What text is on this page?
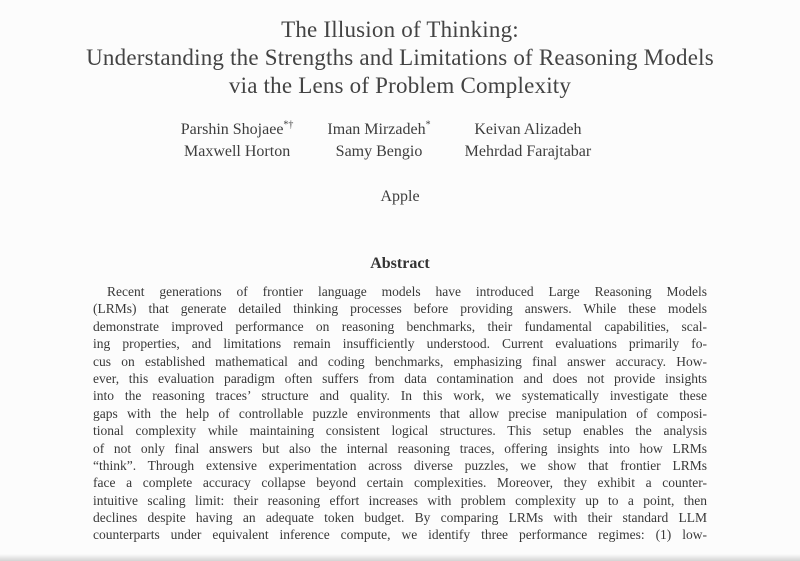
The Illusion of Thinking:
Understanding the Strengths and Limitations of Reasoning Models
via the Lens of Problem Complexity
Parshin Shojaee*† Iman Mirzadeh*	Keivan Alizadeh
Maxwell Horton	Samy Bengio	Mehrdad Farajtabar
Apple
Abstract
Recent generations of frontier language models have introduced Large Reasoning Models
(LRMs) that generate detailed thinking processes before providing answers. While these models
demonstrate improved performance on reasoning benchmarks, their fundamental capabilities, scal-
ing properties, and limitations remain insufficiently understood. Current evaluations primarily fo-
cus on established mathematical and coding benchmarks, emphasizing final answer accuracy. How-
ever, this evaluation paradigm often suffers from data contamination and does not provide insights
into the reasoning traces’ structure and quality. In this work, we systematically investigate these
gaps with the help of controllable puzzle environments that allow precise manipulation of composi-
tional complexity while maintaining consistent logical structures. This setup enables the analysis
of not only final answers but also the internal reasoning traces, offering insights into how LRMs
“think”. Through extensive experimentation across diverse puzzles, we show that frontier LRMs
face a complete accuracy collapse beyond certain complexities. Moreover, they exhibit a counter-
intuitive scaling limit: their reasoning effort increases with problem complexity up to a point, then
declines despite having an adequate token budget. By comparing LRMs with their standard LLM
counterparts under equivalent inference compute, we identify three performance regimes: (1) low-
